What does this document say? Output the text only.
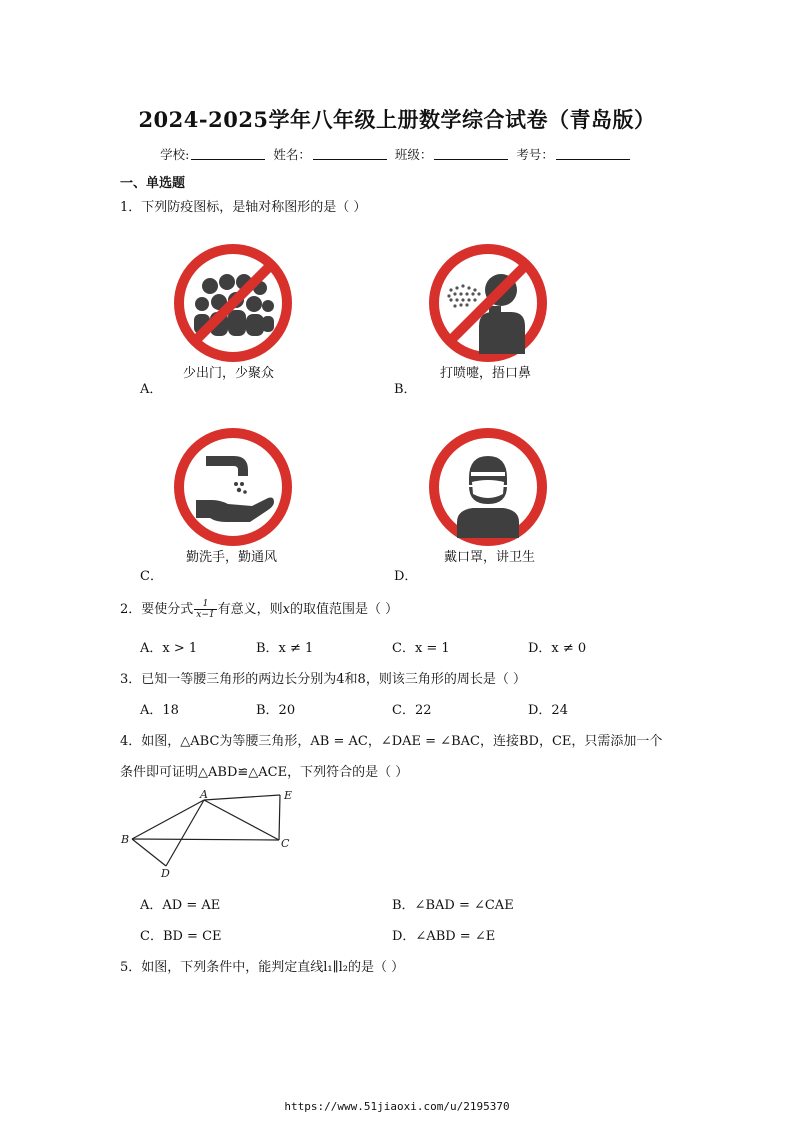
2024-2025学年八年级上册数学综合试卷（青岛版）
学校:	姓名：	班级：	考号：
一、单选题
1．下列防疫图标，是轴对称图形的是（ ）
少出门，少聚众
A．
打喷嚏，捂口鼻
B．
勤洗手，勤通风
C．
戴口罩，讲卫生
D．
2．要使分式 $\frac{1}{x-1}$ 有意义，则x的取值范围是（ ）
A．x > 1	B．x ≠ 1	C．x = 1	D．x ≠ 0
3．已知一等腰三角形的两边长分别为4和8，则该三角形的周长是（ ）
A．18	B．20	C．22	D．24
4．如图，△ABC为等腰三角形，AB = AC，∠DAE = ∠BAC，连接BD，CE，只需添加一个
条件即可证明△ABD≌△ACE，下列符合的是（ ）
A	E
B	C
D
A．AD = AE	B．∠BAD = ∠CAE
C．BD = CE	D．∠ABD = ∠E
5．如图，下列条件中，能判定直线l₁∥l₂的是（ ）
https://www.51jiaoxi.com/u/2195370
